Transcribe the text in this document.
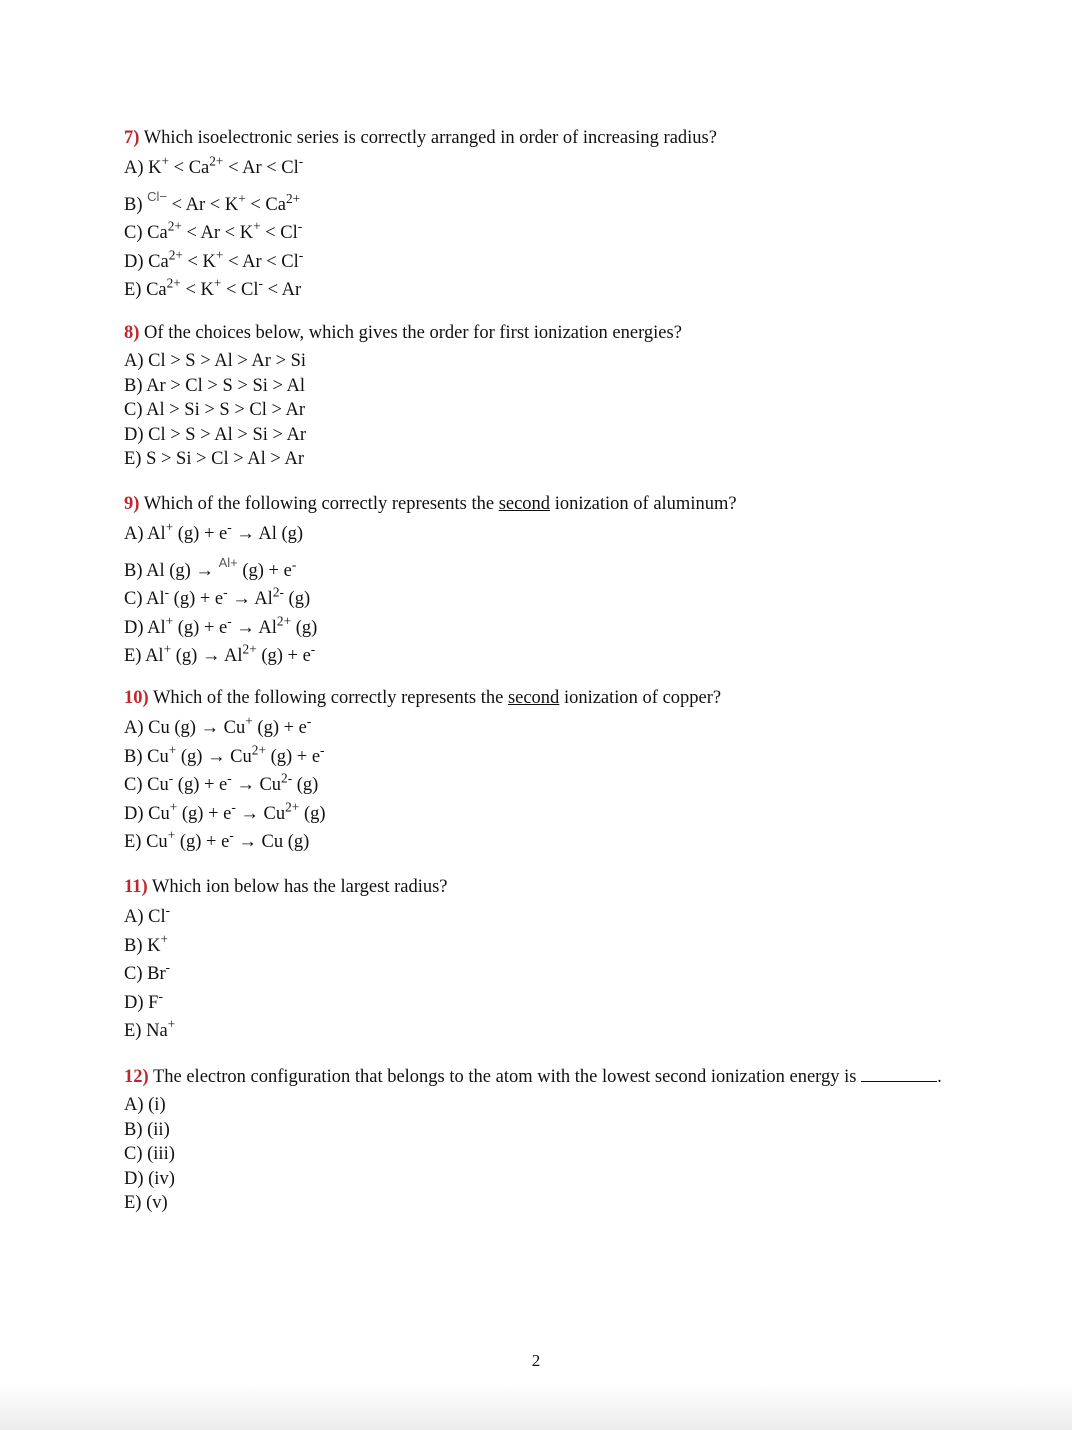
7) Which isoelectronic series is correctly arranged in order of increasing radius?
A) $K^+ < Ca^{2+} < Ar < Cl^-$
B) $^{Cl-} < Ar < K^+ < Ca^{2+}$
C) $Ca^{2+} < Ar < K^+ < Cl^-$
D) $Ca^{2+} < K^+ < Ar < Cl^-$
E) $Ca^{2+} < K^+ < Cl^- < Ar$
8) Of the choices below, which gives the order for first ionization energies?
A) Cl > S > Al > Ar > Si
B) Ar > Cl > S > Si > Al
C) Al > Si > S > Cl > Ar
D) Cl > S > Al > Si > Ar
E) S > Si > Cl > Al > Ar
9) Which of the following correctly represents the second ionization of aluminum?
A) Al+ (g) + e- → Al (g)
B) Al (g) → $^{Al+}$ (g) + e-
C) Al- $(g) + e^- \to Al^{2-}$ (g)
D) Al+ $(g) + e^- \to Al^{2+}$ (g)
E) Al+ $(g) \to Al^{2+}$ (g) + e-
10) Which of the following correctly represents the second ionization of copper?
A) Cu (g) → Cu+ (g) + e-
B) Cu+ $(g) \to Cu^{2+}$ (g) + e-
C) Cu- $(g) + e^- \to Cu^{2-}$ (g)
D) Cu+ $(g) + e^- \to Cu^{2+}$ (g)
E) Cu+ (g) + e- → Cu (g)
11) Which ion below has the largest radius?
A) Cl-
B) K+
C) Br-
D) F-
E) Na+
12) The electron configuration that belongs to the atom with the lowest second ionization energy is	.
A) (i)
B) (ii)
C) (iii)
D) (iv)
E) (v)
2
